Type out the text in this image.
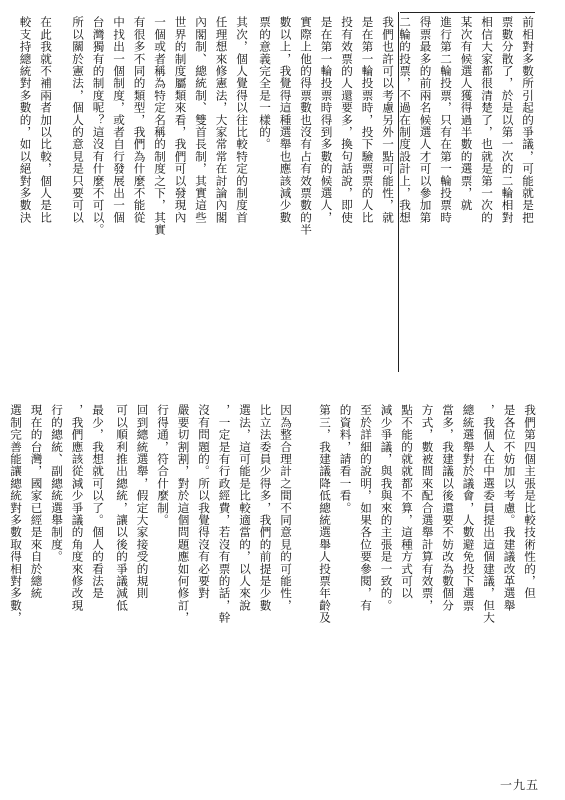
前相對多數所引起的爭議，可能就是把

票數分散了，於是以第一次的二輪相對

相信大家都很清楚了，也就是第一次的

某次有候選人獲得過半數的選票，就

進行第二輪投票，只有在第一輪投票時

得票最多的前兩名候選人才可以參加第

二輪的投票，不過在制度設計上，我想

我們也許可以考慮另外一點可能性，就

是在第一輪投票時，投下驗票票的人比

投有效票的人還要多，換句話說，即使

是在第一輪投票時得到多數的候選人，

實際上他的得票數也沒有占有效票數的半

數以上，我覺得這種選舉也應該減少數

票的意義完全是一樣的。

我們第四個主張是比較技術性的，但

是各位不妨加以考慮。我建議改革選舉

，我個人在中選委員提出這個建議，但大

總統選舉對於議會，人數避免投下選票

當多，我建議以後還要不妨改為數個分

方式，數被間來配合選舉計算有效票，

點不能的就就都不算，這種方式可以

減少爭議，與我與來的主張是一致的。

至於詳細的說明，如果各位要參閱，有

的資料，請看一看。

第三，我建議降低總統選舉人投票年齡及

其次，個人覺得以往比較特定的制度首

任理想來修憲法，大家常常在討論內閣

內閣制、總統制、雙首長制，其實這些

世界的制度屬類來看，我們可以發現內

一個或者稱為特定名稱的制度之下，其實

有很多不同的類型，我們為什麼不能從

中找出一個制度，或者自行發展出一個

台灣獨有的制度呢？這沒有什麼不可以。

所以關於憲法，個人的意見是只要可以

因為整合理計之間不同意見的可能性，

比立法委員少得多，我們的前提是少數

選法，這可能是比較適當的，以人來說

，一定是有行政經費，若沒有票的話，幹

沒有問題的。所以我覺得沒有必要對

嚴要切割割，對於這個問題應如何修訂，

行得通，符合什麼制。

回到總統選舉，假定大家接受的規則

可以順利推出總統，讓以後的爭議減低

最少，我想就可以了。個人的看法是

，我們應該從減少爭議的角度來修改現

行的總統、副總統選舉制度。

現在的台灣，國家已經是來自於總統

選制完善能讓總統對多數取得相對多數，

在此我就不補兩者加以比較，個人是比

較支持總統對多數的，如以絕對多數決

一九五
